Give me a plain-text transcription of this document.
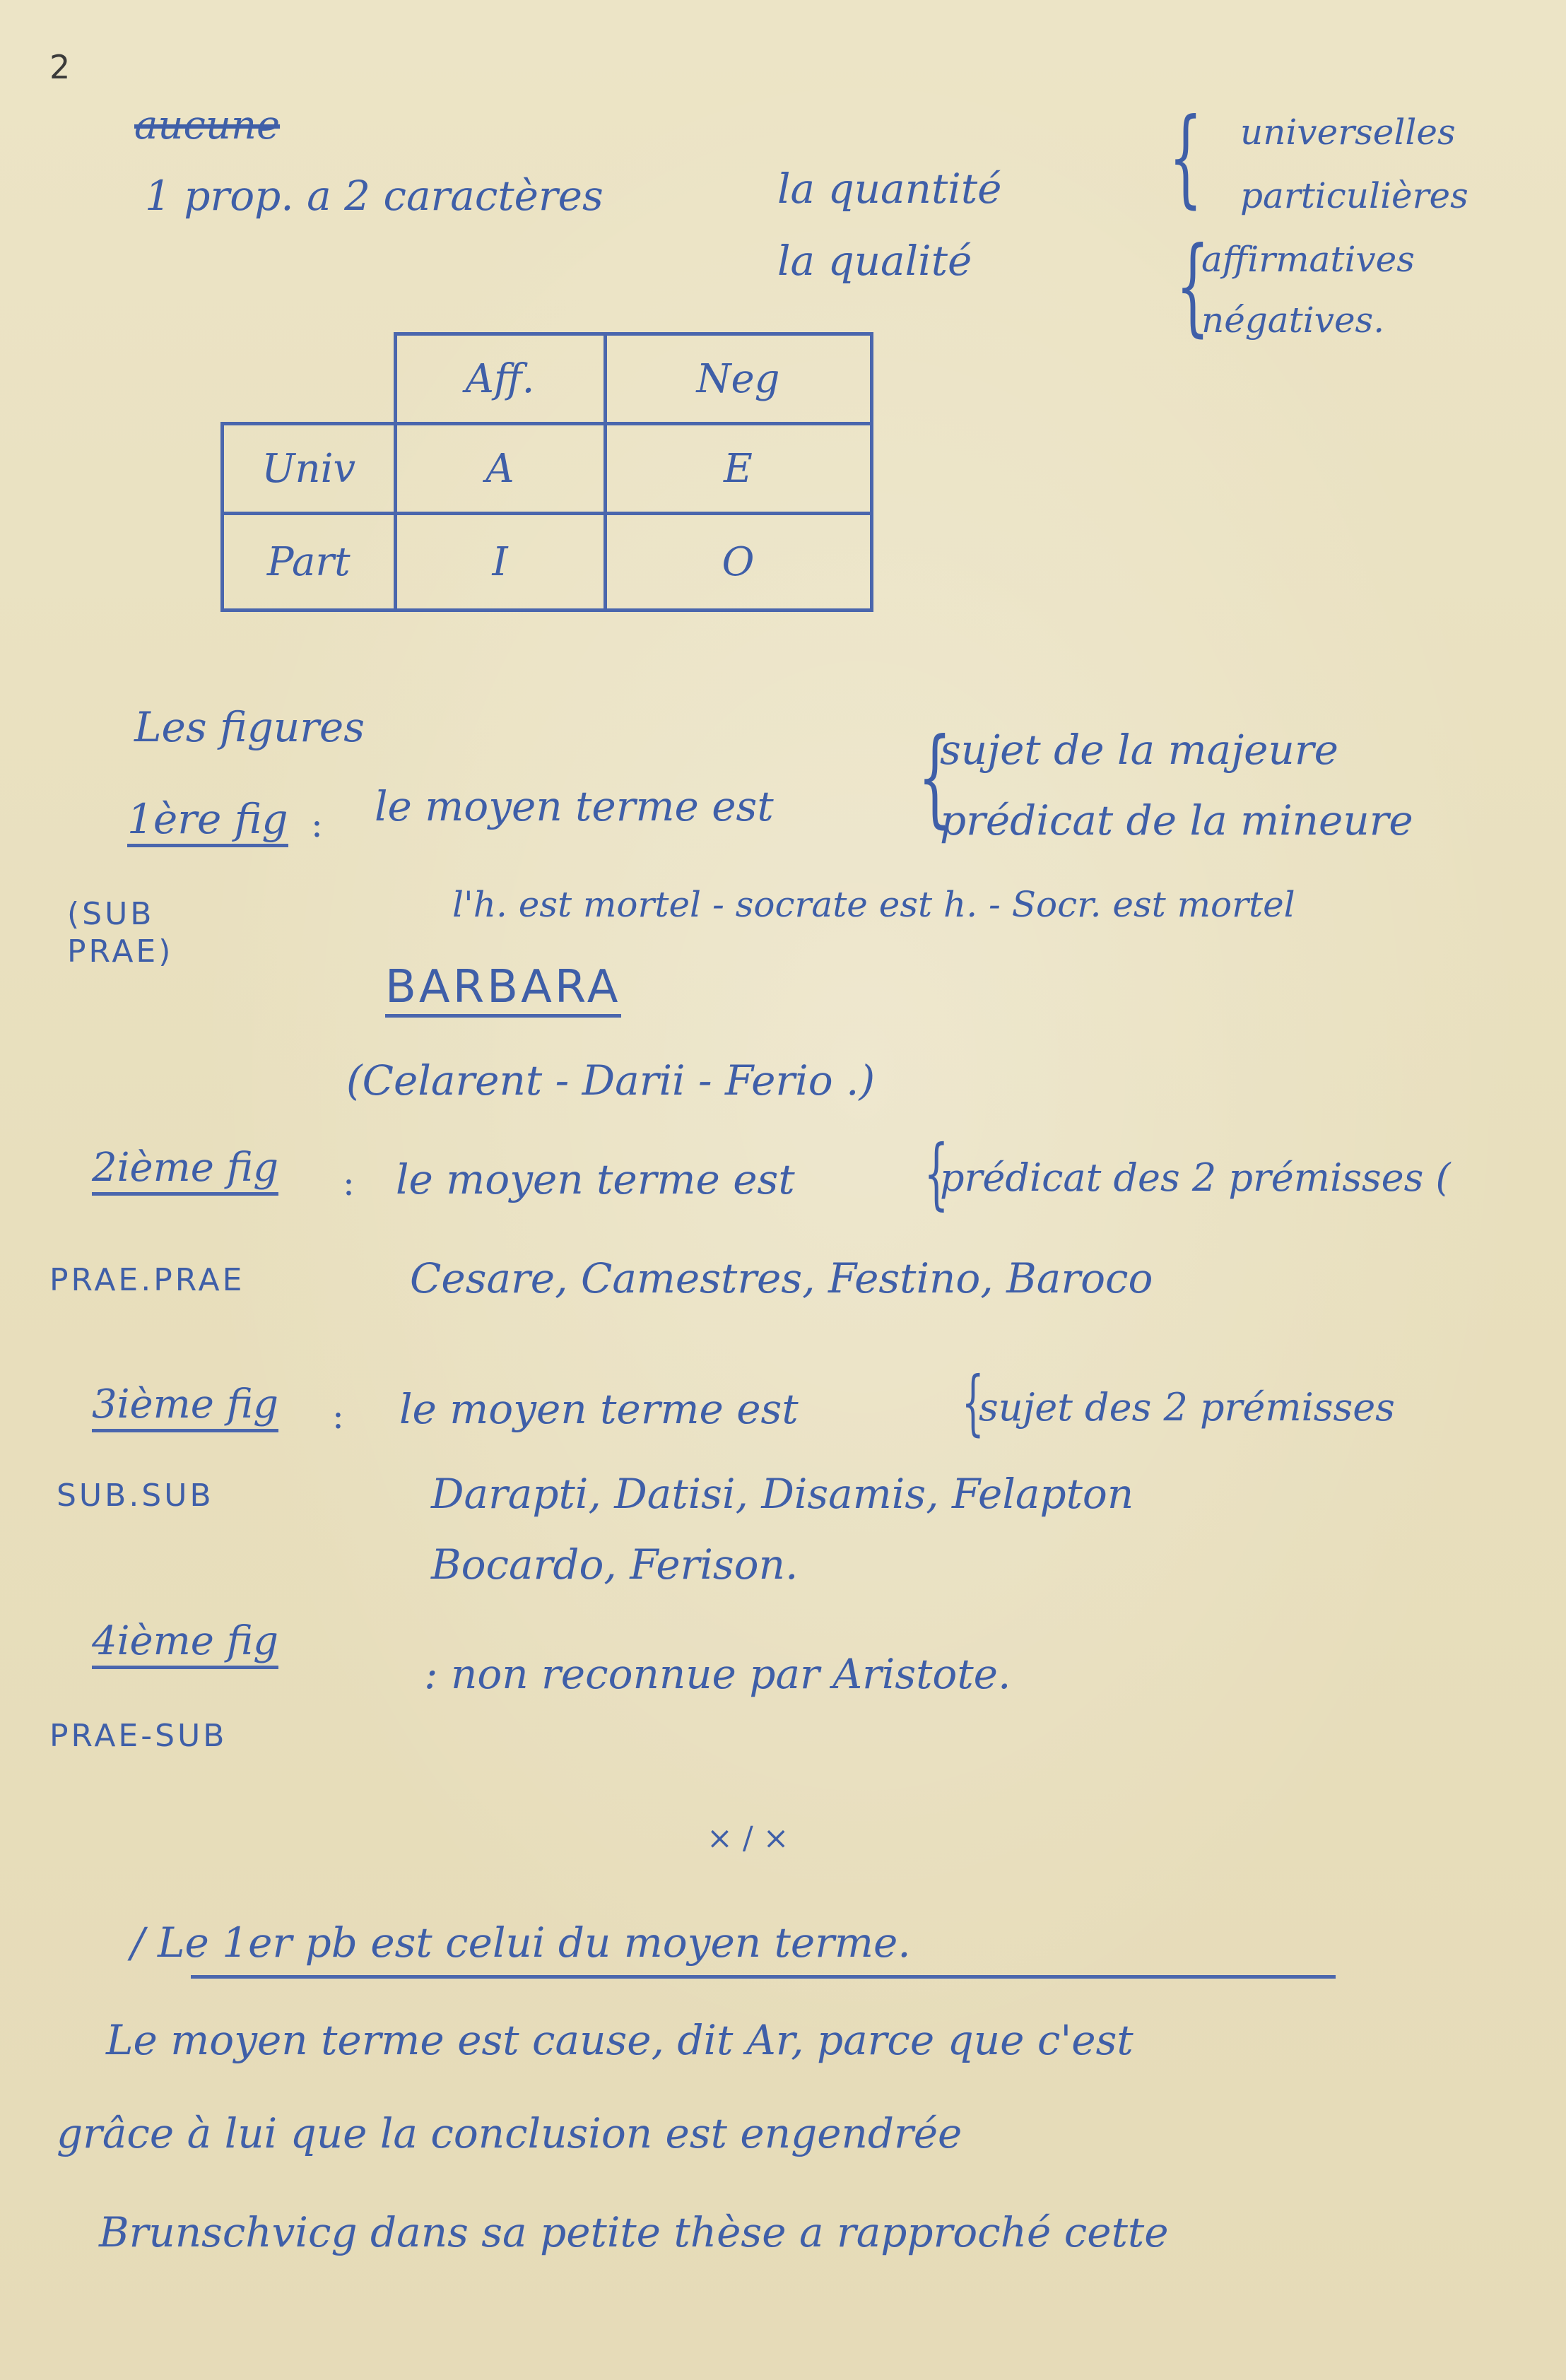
2
aucune
1 prop. a 2 caractères	la quantité
la qualité
{
{
universelles
particulières
affirmatives
négatives.
	Aff.	Neg
Univ	A	E
Part	I	O
Les figures
1ère fig : le moyen terme est {
sujet de la majeure
prédicat de la mineure
(SUB
PRAE)
l'h. est mortel - socrate est h. - Socr. est mortel
BARBARA
(Celarent - Darii - Ferio .)
2ième fig : le moyen terme est {
prédicat des 2 prémisses (
PRAE.PRAE	Cesare, Camestres, Festino, Baroco
3ième fig : le moyen terme est {
sujet des 2 prémisses
SUB.SUB	Darapti, Datisi, Disamis, Felapton
Bocardo, Ferison.
4ième fig
PRAE-SUB
: non reconnue par Aristote.
× / ×
/ Le 1er pb est celui du moyen terme.
Le moyen terme est cause, dit Ar, parce que c'est
grâce à lui que la conclusion est engendrée
Brunschvicg dans sa petite thèse a rapproché cette
